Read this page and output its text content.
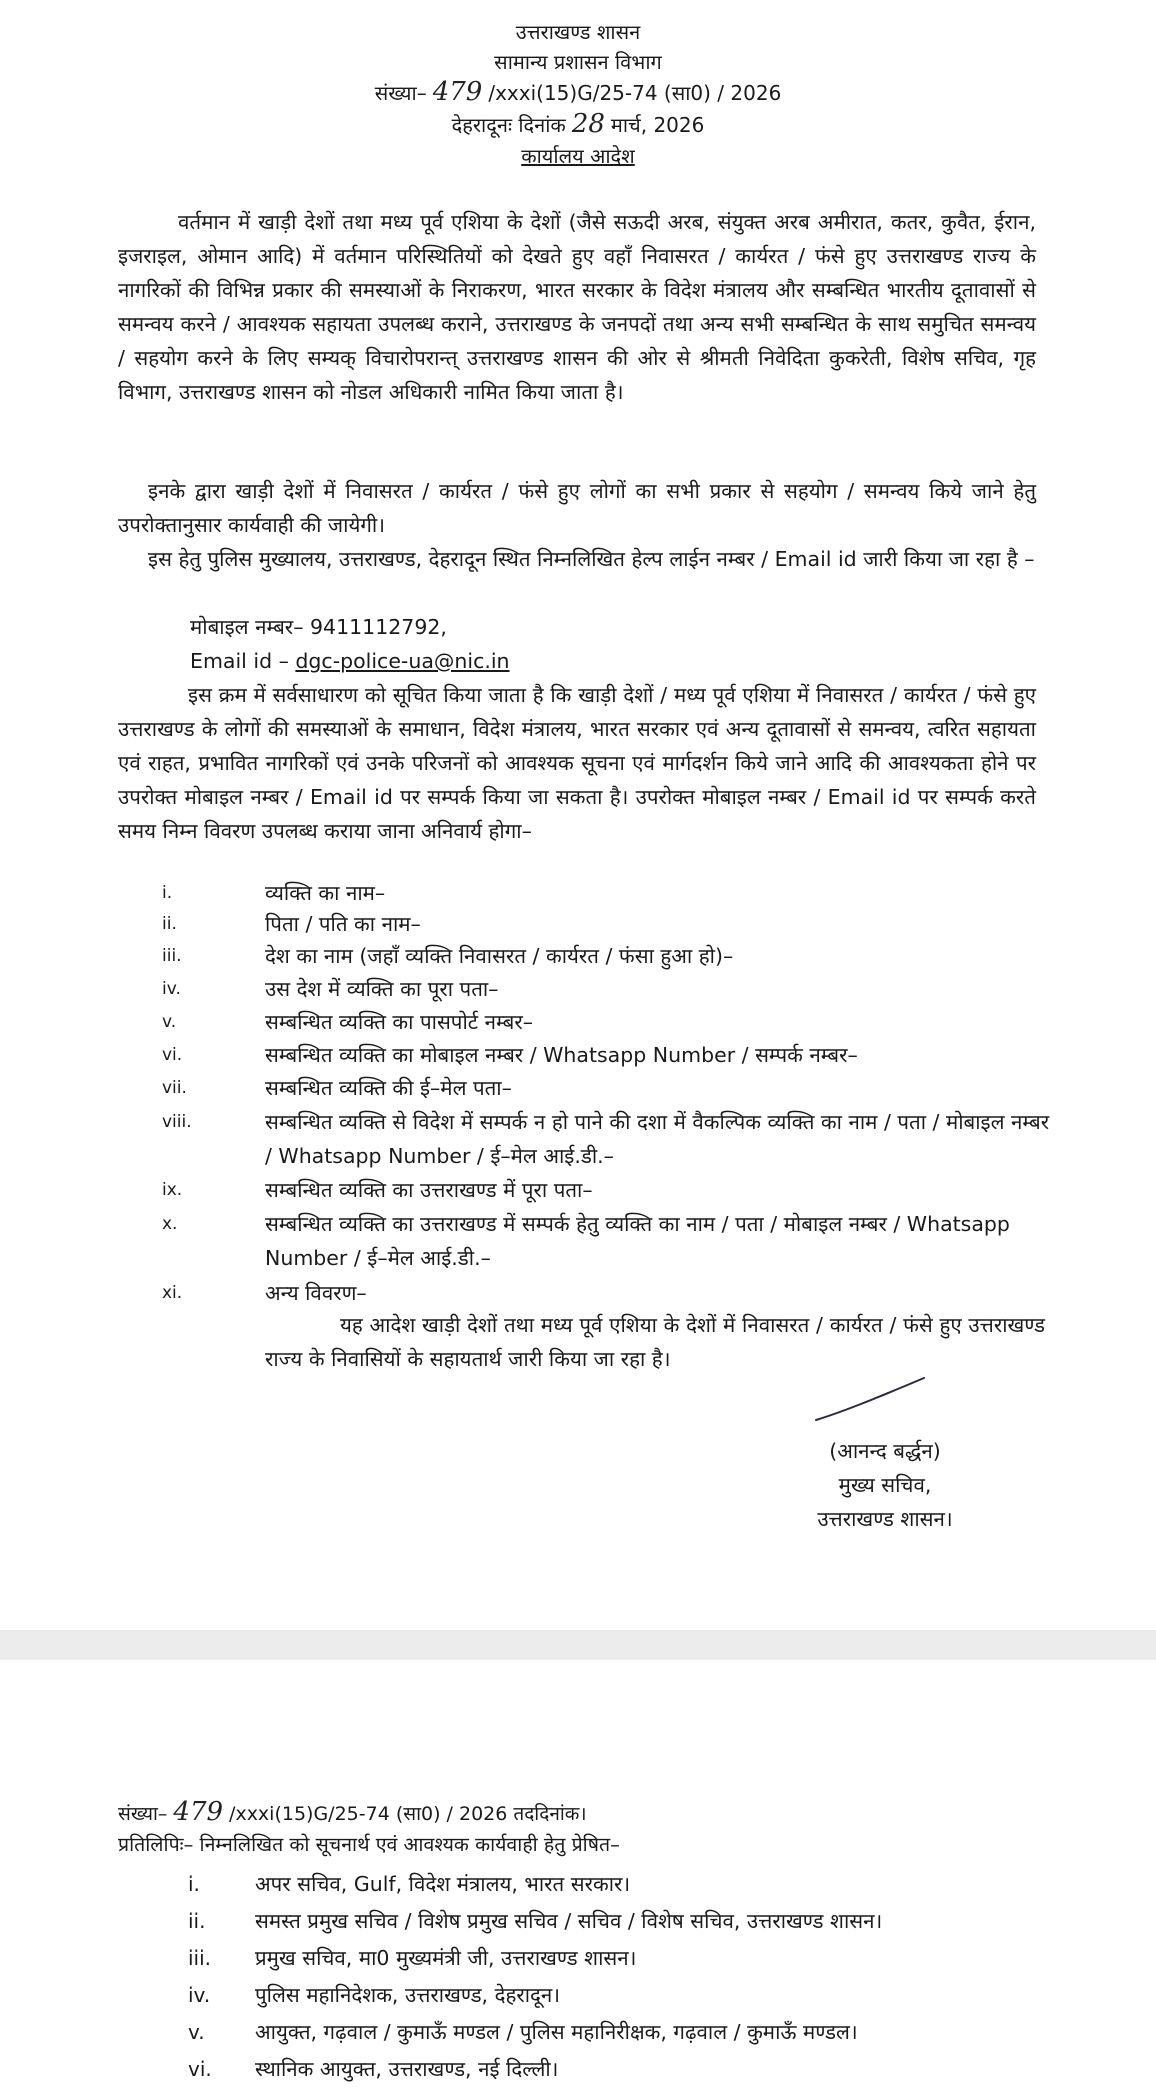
उत्तराखण्ड शासन
सामान्य प्रशासन विभाग
संख्या– 479 /xxxi(15)G/25-74 (सा0) / 2026
देहरादूनः दिनांक 28 मार्च, 2026
कार्यालय आदेश
वर्तमान में खाड़ी देशों तथा मध्य पूर्व एशिया के देशों (जैसे सऊदी अरब, संयुक्त अरब अमीरात, कतर, कुवैत, ईरान, इजराइल, ओमान आदि) में वर्तमान परिस्थितियों को देखते हुए वहाँ निवासरत / कार्यरत / फंसे हुए उत्तराखण्ड राज्य के नागरिकों की विभिन्न प्रकार की समस्याओं के निराकरण, भारत सरकार के विदेश मंत्रालय और सम्बन्धित भारतीय दूतावासों से समन्वय करने / आवश्यक सहायता उपलब्ध कराने, उत्तराखण्ड के जनपदों तथा अन्य सभी सम्बन्धित के साथ समुचित समन्वय / सहयोग करने के लिए सम्यक् विचारोपरान्त् उत्तराखण्ड शासन की ओर से श्रीमती निवेदिता कुकरेती, विशेष सचिव, गृह विभाग, उत्तराखण्ड शासन को नोडल अधिकारी नामित किया जाता है।
इनके द्वारा खाड़ी देशों में निवासरत / कार्यरत / फंसे हुए लोगों का सभी प्रकार से सहयोग / समन्वय किये जाने हेतु उपरोक्तानुसार कार्यवाही की जायेगी।
इस हेतु पुलिस मुख्यालय, उत्तराखण्ड, देहरादून स्थित निम्नलिखित हेल्प लाईन नम्बर / Email id जारी किया जा रहा है –
मोबाइल नम्बर– 9411112792,
Email id – dgc-police-ua@nic.in
इस क्रम में सर्वसाधारण को सूचित किया जाता है कि खाड़ी देशों / मध्य पूर्व एशिया में निवासरत / कार्यरत / फंसे हुए उत्तराखण्ड के लोगों की समस्याओं के समाधान, विदेश मंत्रालय, भारत सरकार एवं अन्य दूतावासों से समन्वय, त्वरित सहायता एवं राहत, प्रभावित नागरिकों एवं उनके परिजनों को आवश्यक सूचना एवं मार्गदर्शन किये जाने आदि की आवश्यकता होने पर उपरोक्त मोबाइल नम्बर / Email id पर सम्पर्क किया जा सकता है। उपरोक्त मोबाइल नम्बर / Email id पर सम्पर्क करते समय निम्न विवरण उपलब्ध कराया जाना अनिवार्य होगा–
i.	व्यक्ति का नाम–
ii.	पिता / पति का नाम–
iii.	देश का नाम (जहाँ व्यक्ति निवासरत / कार्यरत / फंसा हुआ हो)–
iv.	उस देश में व्यक्ति का पूरा पता–
v.	सम्बन्धित व्यक्ति का पासपोर्ट नम्बर–
vi.	सम्बन्धित व्यक्ति का मोबाइल नम्बर / Whatsapp Number / सम्पर्क नम्बर–
vii.	सम्बन्धित व्यक्ति की ई–मेल पता–
viii.	सम्बन्धित व्यक्ति से विदेश में सम्पर्क न हो पाने की दशा में वैकल्पिक व्यक्ति का नाम / पता / मोबाइल नम्बर / Whatsapp Number / ई–मेल आई.डी.–
ix.	सम्बन्धित व्यक्ति का उत्तराखण्ड में पूरा पता–
x.	सम्बन्धित व्यक्ति का उत्तराखण्ड में सम्पर्क हेतु व्यक्ति का नाम / पता / मोबाइल नम्बर / Whatsapp Number / ई–मेल आई.डी.–
xi.	अन्य विवरण–
यह आदेश खाड़ी देशों तथा मध्य पूर्व एशिया के देशों में निवासरत / कार्यरत / फंसे हुए उत्तराखण्ड राज्य के निवासियों के सहायतार्थ जारी किया जा रहा है।
(आनन्द बर्द्धन)
मुख्य सचिव,
उत्तराखण्ड शासन।
संख्या– 479 /xxxi(15)G/25-74 (सा0) / 2026 तददिनांक।
प्रतिलिपिः– निम्नलिखित को सूचनार्थ एवं आवश्यक कार्यवाही हेतु प्रेषित–
i.	अपर सचिव, Gulf, विदेश मंत्रालय, भारत सरकार।
ii.	समस्त प्रमुख सचिव / विशेष प्रमुख सचिव / सचिव / विशेष सचिव, उत्तराखण्ड शासन।
iii.	प्रमुख सचिव, मा0 मुख्यमंत्री जी, उत्तराखण्ड शासन।
iv.	पुलिस महानिदेशक, उत्तराखण्ड, देहरादून।
v.	आयुक्त, गढ़वाल / कुमाऊँ मण्डल / पुलिस महानिरीक्षक, गढ़वाल / कुमाऊँ मण्डल।
vi.	स्थानिक आयुक्त, उत्तराखण्ड, नई दिल्ली।
